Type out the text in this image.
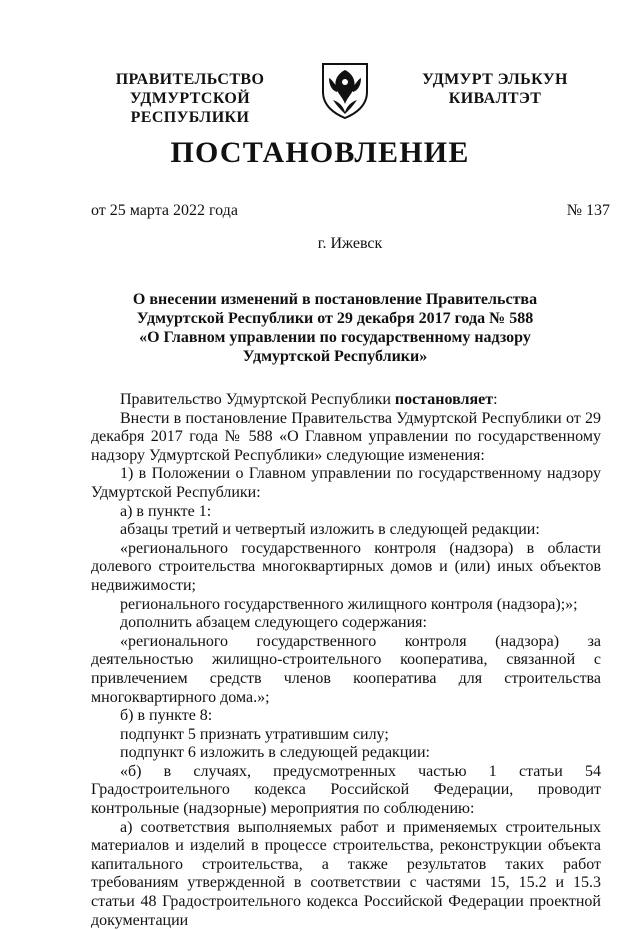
ПРАВИТЕЛЬСТВО
УДМУРТСКОЙ РЕСПУБЛИКИ
УДМУРТ ЭЛЬКУН
КИВАЛТЭТ
ПОСТАНОВЛЕНИЕ
от 25 марта 2022 года	№ 137
г. Ижевск
О внесении изменений в постановление Правительства
Удмуртской Республики от 29 декабря 2017 года № 588
«О Главном управлении по государственному надзору
Удмуртской Республики»

Правительство Удмуртской Республики постановляет:

Внести в постановление Правительства Удмуртской Республики от 29 декабря 2017 года № 588 «О Главном управлении по государственному надзору Удмуртской Республики» следующие изменения:

1) в Положении о Главном управлении по государственному надзору Удмуртской Республики:

а) в пункте 1:

абзацы третий и четвертый изложить в следующей редакции:

«регионального государственного контроля (надзора) в области долевого строительства многоквартирных домов и (или) иных объектов недвижимости;

регионального государственного жилищного контроля (надзора);»;

дополнить абзацем следующего содержания:

«регионального государственного контроля (надзора) за деятельностью жилищно-строительного кооператива, связанной с привлечением средств членов кооператива для строительства многоквартирного дома.»;

б) в пункте 8:

подпункт 5 признать утратившим силу;

подпункт 6 изложить в следующей редакции:

«б) в случаях, предусмотренных частью 1 статьи 54 Градостроительного кодекса Российской Федерации, проводит контрольные (надзорные) мероприятия по соблюдению:

а) соответствия выполняемых работ и применяемых строительных материалов и изделий в процессе строительства, реконструкции объекта капитального строительства, а также результатов таких работ требованиям утвержденной в соответствии с частями 15, 15.2 и 15.3 статьи 48 Градостроительного кодекса Российской Федерации проектной документации
